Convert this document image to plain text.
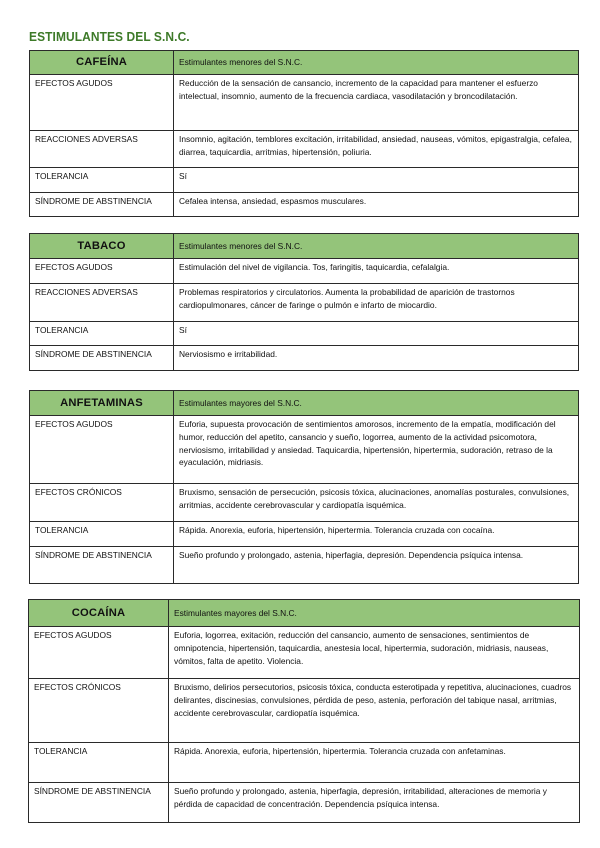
ESTIMULANTES DEL S.N.C.
CAFEÍNA	Estimulantes menores del S.N.C.
EFECTOS AGUDOS	Reducción de la sensación de cansancio, incremento de la capacidad para mantener el esfuerzo intelectual, insomnio, aumento de la frecuencia cardiaca, vasodilatación y broncodilatación.
REACCIONES ADVERSAS	Insomnio, agitación, temblores excitación, irritabilidad, ansiedad, nauseas, vómitos, epigastralgia, cefalea, diarrea, taquicardia, arritmias, hipertensión, poliuria.
TOLERANCIA	Sí
SÍNDROME DE ABSTINENCIA	Cefalea intensa, ansiedad, espasmos musculares.
TABACO	Estimulantes menores del S.N.C.
EFECTOS AGUDOS	Estimulación del nivel de vigilancia. Tos, faringitis, taquicardia, cefalalgia.
REACCIONES ADVERSAS	Problemas respiratorios y circulatorios. Aumenta la probabilidad de aparición de trastornos cardiopulmonares, cáncer de faringe o pulmón e infarto de miocardio.
TOLERANCIA	Sí
SÍNDROME DE ABSTINENCIA	Nerviosismo e irritabilidad.
ANFETAMINAS	Estimulantes mayores del S.N.C.
EFECTOS AGUDOS	Euforia, supuesta provocación de sentimientos amorosos, incremento de la empatía, modificación del humor, reducción del apetito, cansancio y sueño, logorrea, aumento de la actividad psicomotora, nerviosismo, irritabilidad y ansiedad. Taquicardia, hipertensión, hipertermia, sudoración, retraso de la eyaculación, midriasis.
EFECTOS CRÓNICOS	Bruxismo, sensación de persecución, psicosis tóxica, alucinaciones, anomalías posturales, convulsiones, arritmias, accidente cerebrovascular y cardiopatía isquémica.
TOLERANCIA	Rápida. Anorexia, euforia, hipertensión, hipertermia. Tolerancia cruzada con cocaína.
SÍNDROME DE ABSTINENCIA	Sueño profundo y prolongado, astenia, hiperfagia, depresión. Dependencia psíquica intensa.
COCAÍNA	Estimulantes mayores del S.N.C.
EFECTOS AGUDOS	Euforia, logorrea, exitación, reducción del cansancio, aumento de sensaciones, sentimientos de omnipotencia, hipertensión, taquicardia, anestesia local, hipertermia, sudoración, midriasis, nauseas, vómitos, falta de apetito. Violencia.
EFECTOS CRÓNICOS	Bruxismo, delirios persecutorios, psicosis tóxica, conducta esterotipada y repetitiva, alucinaciones, cuadros delirantes, discinesias, convulsiones, pérdida de peso, astenia, perforación del tabique nasal, arritmias, accidente cerebrovascular, cardiopatía isquémica.
TOLERANCIA	Rápida. Anorexia, euforia, hipertensión, hipertermia. Tolerancia cruzada con anfetaminas.
SÍNDROME DE ABSTINENCIA	Sueño profundo y prolongado, astenia, hiperfagia, depresión, irritabilidad, alteraciones de memoria y pérdida de capacidad de concentración. Dependencia psíquica intensa.
